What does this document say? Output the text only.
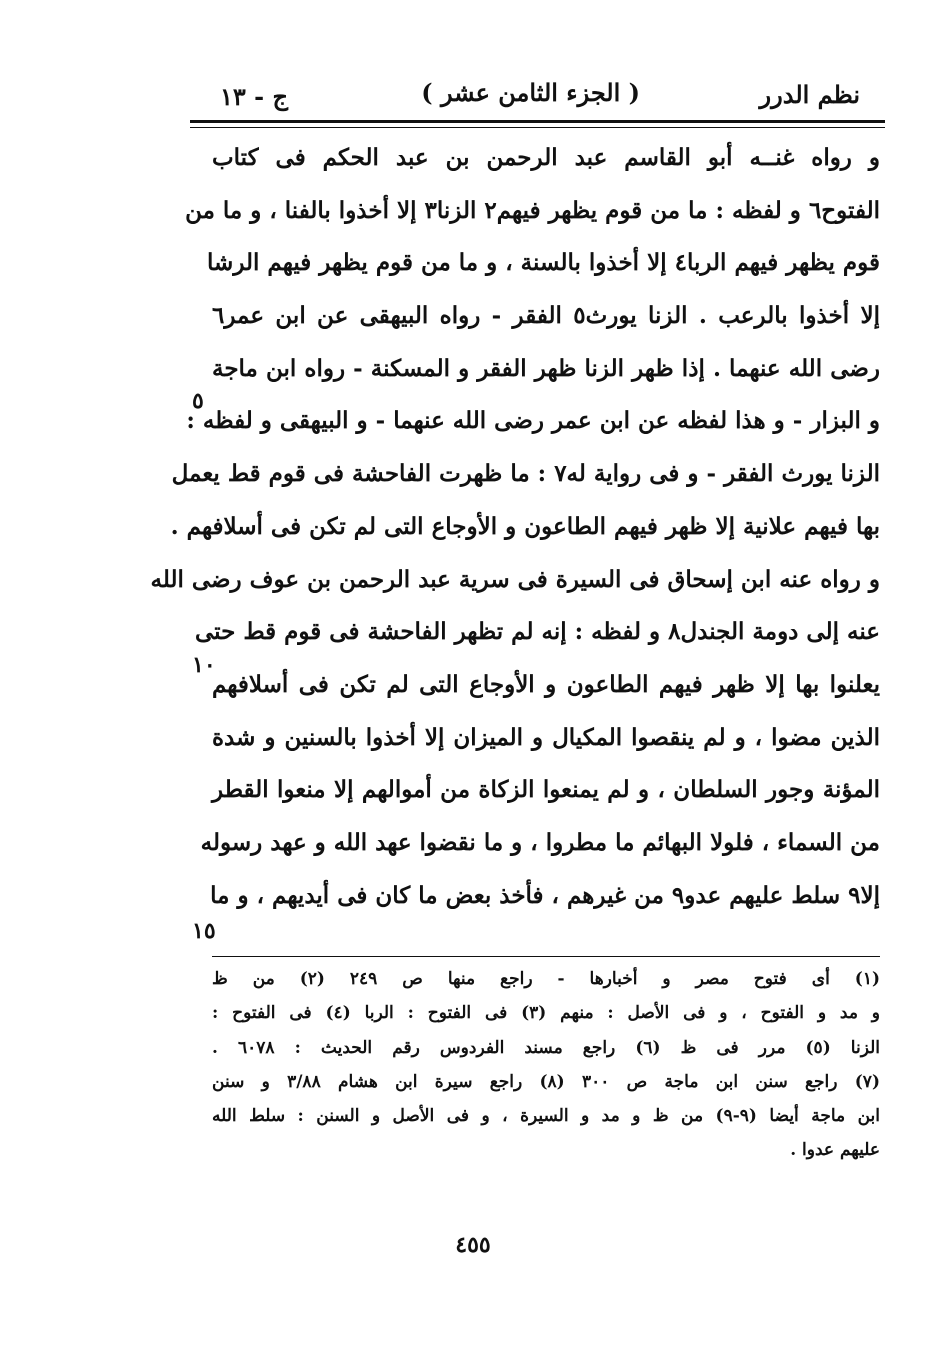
نظم الدرر
( الجزء الثامن عشر )
ج - ١٣
و رواه غنــه أبو القاسم عبد الرحمن بن عبد الحكم فى كتاب
الفتوح٦ و لفظه : ما من قوم يظهر فيهم٢ الزنا٣ إلا أخذوا بالفنا ، و ما من
قوم يظهر فيهم الربا٤ إلا أخذوا بالسنة ، و ما من قوم يظهر فيهم الرشا
إلا أخذوا بالرعب . الزنا يورث٥ الفقر - رواه البيهقى عن ابن عمر٦
رضى الله عنهما . إذا ظهر الزنا ظهر الفقر و المسكنة - رواه ابن ماجة
و البزار - و هذا لفظه عن ابن عمر رضى الله عنهما - و البيهقى و لفظه :
الزنا يورث الفقر - و فى رواية له٧ : ما ظهرت الفاحشة فى قوم قط يعمل
بها فيهم علانية إلا ظهر فيهم الطاعون و الأوجاع التى لم تكن فى أسلافهم .
و رواه عنه ابن إسحاق فى السيرة فى سرية عبد الرحمن بن عوف رضى الله
عنه إلى دومة الجندل٨ و لفظه : إنه لم تظهر الفاحشة فى قوم قط حتى
يعلنوا بها إلا ظهر فيهم الطاعون و الأوجاع التى لم تكن فى أسلافهم
الذين مضوا ، و لم ينقصوا المكيال و الميزان إلا أخذوا بالسنين و شدة
المؤنة وجور السلطان ، و لم يمنعوا الزكاة من أموالهم إلا منعوا القطر
من السماء ، فلولا البهائم ما مطروا ، و ما نقضوا عهد الله و عهد رسوله
إلا٩ سلط عليهم عدو٩ من غيرهم ، فأخذ بعض ما كان فى أيديهم ، و ما
٥
١٠
١٥
(١) أى فتوح مصر و أخبارها - راجع منها ص ٢٤٩ (٢) من ظ
و مد و الفتوح ، و فى الأصل : منهم (٣) فى الفتوح : الربا (٤) فى الفتوح :
الزنا (٥) مرر فى ظ (٦) راجع مسند الفردوس رقم الحديث : ٦٠٧٨ .
(٧) راجع سنن ابن ماجة ص ٣٠٠ (٨) راجع سيرة ابن هشام ٣/٨٨ و سنن
ابن ماجة أيضا (٩-٩) من ظ و مد و السيرة ، و فى الأصل و السنن : سلط الله
عليهم عدوا .
٤٥٥
